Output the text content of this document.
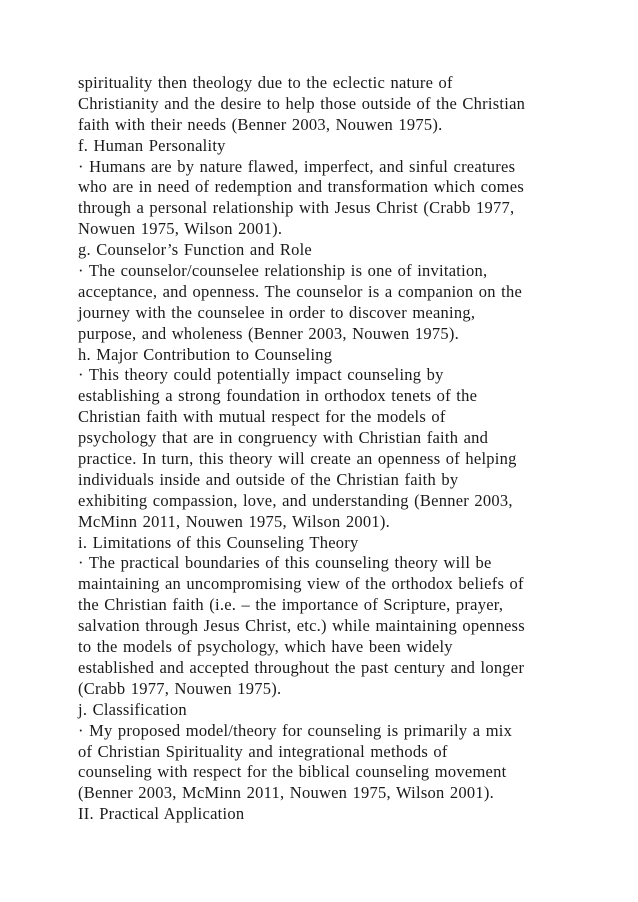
spirituality then theology due to the eclectic nature of
Christianity and the desire to help those outside of the Christian
faith with their needs (Benner 2003, Nouwen 1975).
f. Human Personality
· Humans are by nature flawed, imperfect, and sinful creatures
who are in need of redemption and transformation which comes
through a personal relationship with Jesus Christ (Crabb 1977,
Nowuen 1975, Wilson 2001).
g. Counselor’s Function and Role
· The counselor/counselee relationship is one of invitation,
acceptance, and openness. The counselor is a companion on the
journey with the counselee in order to discover meaning,
purpose, and wholeness (Benner 2003, Nouwen 1975).
h. Major Contribution to Counseling
· This theory could potentially impact counseling by
establishing a strong foundation in orthodox tenets of the
Christian faith with mutual respect for the models of
psychology that are in congruency with Christian faith and
practice. In turn, this theory will create an openness of helping
individuals inside and outside of the Christian faith by
exhibiting compassion, love, and understanding (Benner 2003,
McMinn 2011, Nouwen 1975, Wilson 2001).
i. Limitations of this Counseling Theory
· The practical boundaries of this counseling theory will be
maintaining an uncompromising view of the orthodox beliefs of
the Christian faith (i.e. – the importance of Scripture, prayer,
salvation through Jesus Christ, etc.) while maintaining openness
to the models of psychology, which have been widely
established and accepted throughout the past century and longer
(Crabb 1977, Nouwen 1975).
j. Classification
· My proposed model/theory for counseling is primarily a mix
of Christian Spirituality and integrational methods of
counseling with respect for the biblical counseling movement
(Benner 2003, McMinn 2011, Nouwen 1975, Wilson 2001).
II. Practical Application
